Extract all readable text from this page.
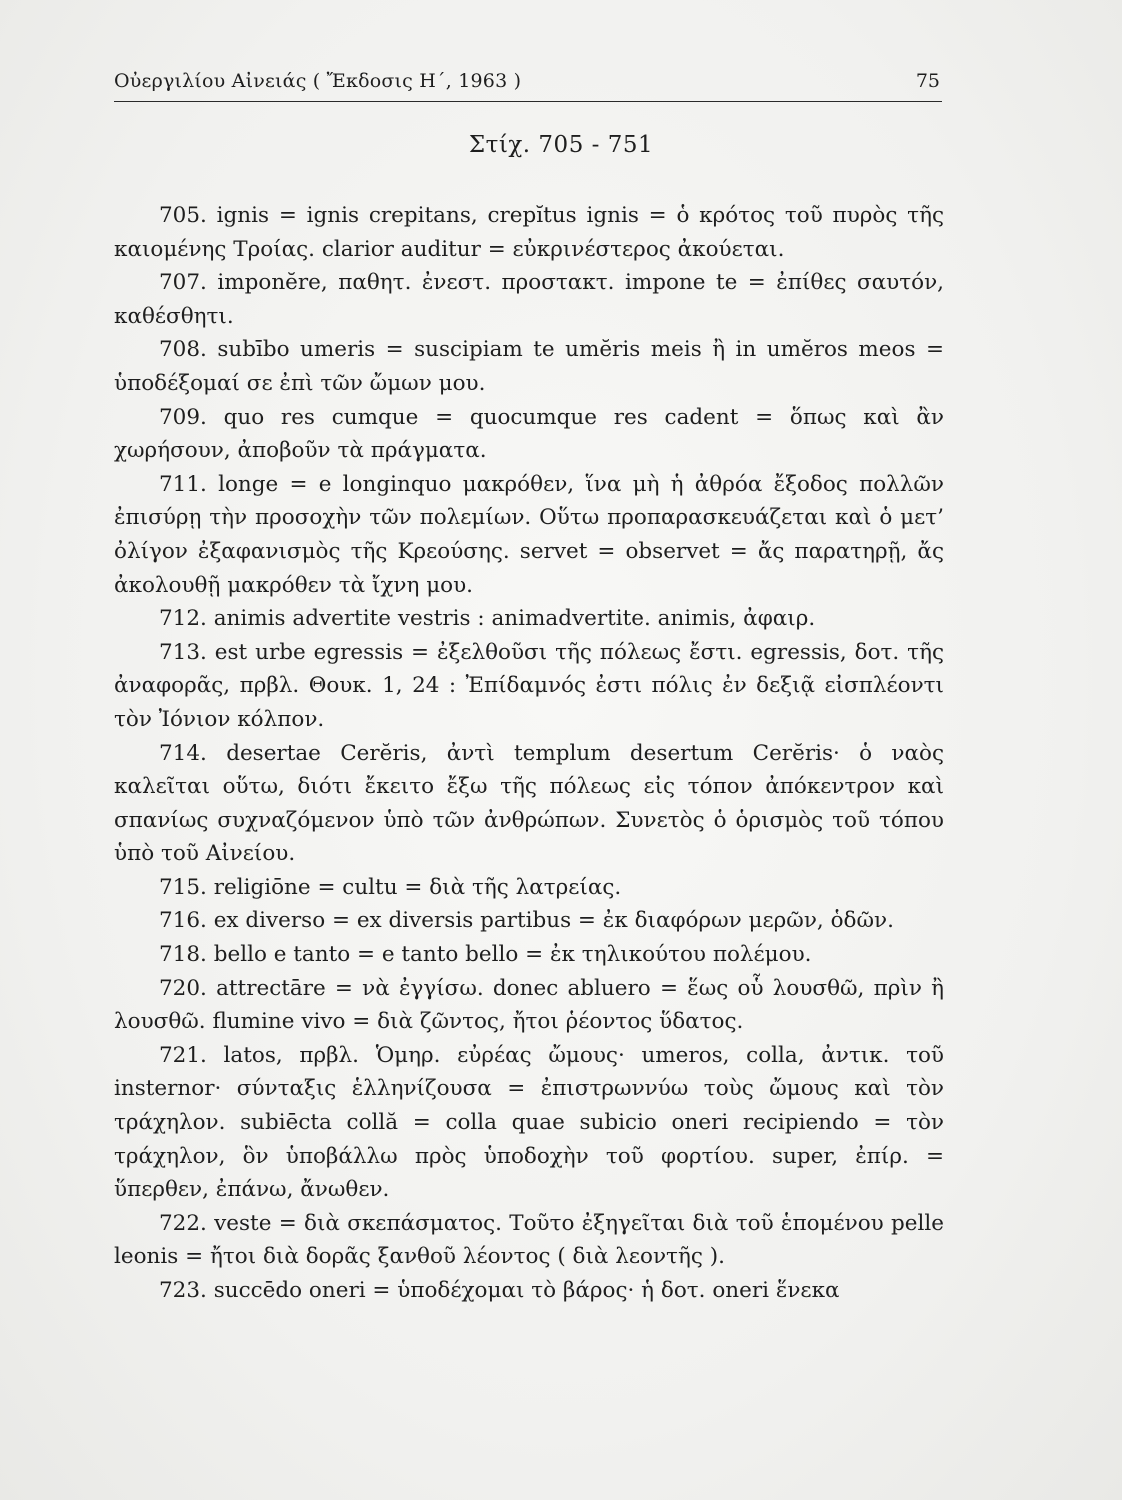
Οὐεργιλίου Αἰνειάς ( Ἔκδοσις Η΄, 1963 )	75
Στίχ. 705 - 751

705. ignis = ignis crepitans, crepĭtus ignis = ὁ κρότος τοῦ πυρὸς τῆς καιομένης Τροίας. clarior auditur = εὐκρινέστερος ἀκούεται.

707. imponĕre, παθητ. ἐνεστ. προστακτ. impone te = ἐπίθες σαυτόν, καθέσθητι.

708. subībo umeris = suscipiam te umĕris meis ἢ in umĕros meos = ὑποδέξομαί σε ἐπὶ τῶν ὤμων μου.

709. quo res cumque = quocumque res cadent = ὅπως καὶ ἂν χωρήσουν, ἀποβοῦν τὰ πράγματα.

711. longe = e longinquo μακρόθεν, ἵνα μὴ ἡ ἀθρόα ἔξοδος πολλῶν ἐπισύρῃ τὴν προσοχὴν τῶν πολεμίων. Οὕτω προπαρασκευάζεται καὶ ὁ μετ’ ὀλίγον ἐξαφανισμὸς τῆς Κρεούσης. servet = observet = ἄς παρατηρῇ, ἄς ἀκολουθῇ μακρόθεν τὰ ἴχνη μου.

712. animis advertite vestris : animadvertite. animis, ἀφαιρ.

713. est urbe egressis = ἐξελθοῦσι τῆς πόλεως ἔστι. egressis, δοτ. τῆς ἀναφορᾶς, πρβλ. Θουκ. 1, 24 : Ἐπίδαμνός ἐστι πόλις ἐν δεξιᾷ εἰσπλέοντι τὸν Ἰόνιον κόλπον.

714. desertae Cerĕris, ἀντὶ templum desertum Cerĕris· ὁ ναὸς καλεῖται οὕτω, διότι ἔκειτο ἔξω τῆς πόλεως εἰς τόπον ἀπόκεντρον καὶ σπανίως συχναζόμενον ὑπὸ τῶν ἀνθρώπων. Συνετὸς ὁ ὁρισμὸς τοῦ τόπου ὑπὸ τοῦ Αἰνείου.

715. religiōne = cultu = διὰ τῆς λατρείας.

716. ex diverso = ex diversis partibus = ἐκ διαφόρων μερῶν, ὁδῶν.

718. bello e tanto = e tanto bello = ἐκ τηλικούτου πολέμου.

720. attrectāre = νὰ ἐγγίσω. donec abluero = ἕως οὗ λουσθῶ, πρὶν ἢ λουσθῶ. flumine vivo = διὰ ζῶντος, ἤτοι ῥέοντος ὕδατος.

721. latos, πρβλ. Ὁμηρ. εὐρέας ὤμους· umeros, colla, ἀντικ. τοῦ insternor· σύνταξις ἑλληνίζουσα = ἐπιστρωννύω τοὺς ὤμους καὶ τὸν τράχηλον. subiēcta collă = colla quae subicio oneri recipiendo = τὸν τράχηλον, ὃν ὑποβάλλω πρὸς ὑποδοχὴν τοῦ φορτίου. super, ἐπίρ. = ὕπερθεν, ἐπάνω, ἄνωθεν.

722. veste = διὰ σκεπάσματος. Τοῦτο ἐξηγεῖται διὰ τοῦ ἑπομένου pelle leonis = ἤτοι διὰ δορᾶς ξανθοῦ λέοντος ( διὰ λεοντῆς ).

723. succēdo oneri = ὑποδέχομαι τὸ βάρος· ἡ δοτ. oneri ἕνεκα
